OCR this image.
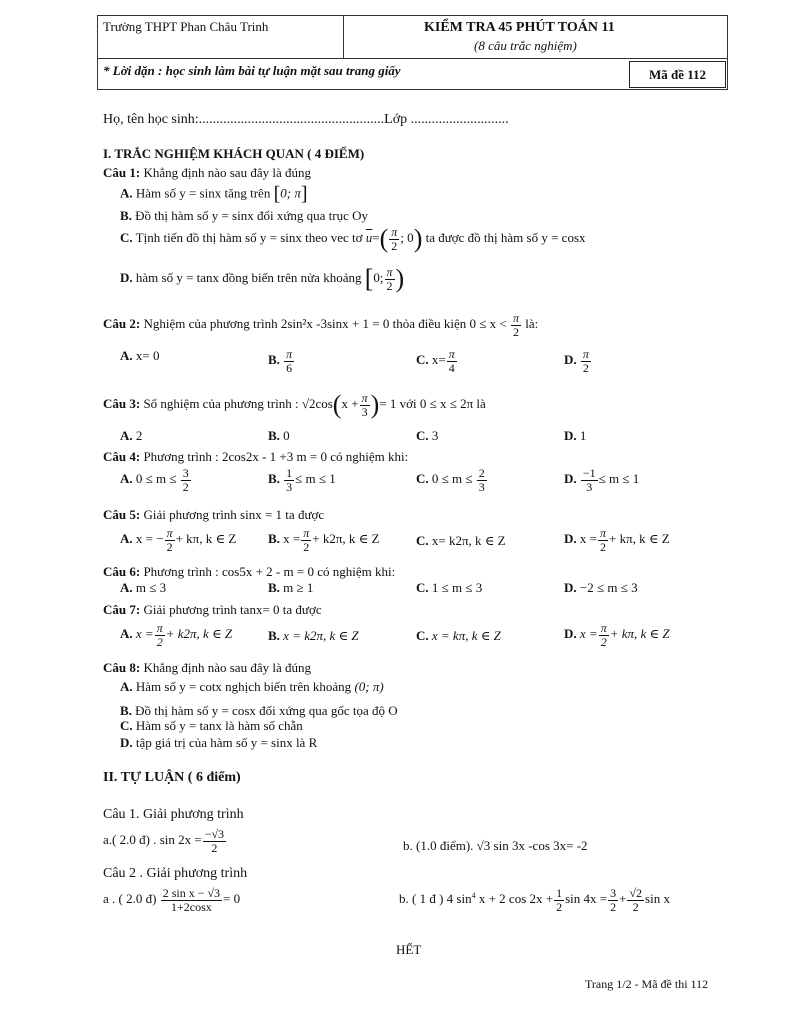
Trường THPT Phan Châu Trinh	KIỂM TRA 45 PHÚT TOÁN 11
(8 câu trắc nghiệm)
* Lời dặn : học sinh làm bài tự luận mặt sau trang giấy	Mã đề 112
Họ, tên học sinh:.....................................................Lớp ............................
I. TRẮC NGHIỆM KHÁCH QUAN ( 4 ĐIỂM)
Câu 1: Khẳng định nào sau đây là đúng
A. Hàm số y = sinx tăng trên [0; π]
B. Đồ thị hàm số y = sinx đối xứng qua trục Oy
C. Tịnh tiến đồ thị hàm số y = sinx theo vec tơ $\overline{u}=( \frac{\pi}{2}$ ; 0) ta được đồ thị hàm số y = cosx
D. hàm số y = tanx đồng biến trên nửa khoảng [0; $\frac{\pi}{2}$ )
Câu 2: Nghiệm của phương trình 2sin²x -3sinx + 1 = 0 thỏa điều kiện $0 \le x < \frac{\pi}{2}$ là:
A. x= 0	B. $\frac{\pi}{6}$	C. $x= \frac{\pi}{4}$	D. $\frac{\pi}{2}$
Câu 3: Số nghiệm của phương trình : $√2\cos(x + \frac{\pi}{3}$ )= 1 với 0 ≤ x ≤ 2π là
A. 2	B. 0	C. 3	D. 1
Câu 4: Phương trình : 2cos2x - 1 +3 m = 0 có nghiệm khi:
A. $0 \le m \le \frac{3}{2}$	B. $\frac{1}{3} \le m \le 1$	C. $0 \le m \le \frac{2}{3}$	D. $\frac{-1}{3} \le m \le 1$
Câu 5: Giải phương trình sinx = 1 ta được
A. x = − $\frac{\pi}{2} + k\pi$, k ∈ Z B. $x = \frac{\pi}{2} + k2\pi$, k ∈ Z	C. x= k2π, k ∈ Z	D. $x = \frac{\pi}{2} + k\pi$, k ∈ Z
Câu 6: Phương trình : cos5x + 2 - m = 0 có nghiệm khi:
A. m ≤ 3	B. m ≥ 1	C. 1 ≤ m ≤ 3	D. −2 ≤ m ≤ 3
Câu 7: Giải phương trình tanx= 0 ta được
A. $x = \frac{\pi}{2} + k2\pi$, k ∈ Z	B. x = k2π, k ∈ Z	C. x = kπ, k ∈ Z	D. $x = \frac{\pi}{2} + k\pi$, k ∈ Z
Câu 8: Khẳng định nào sau đây là đúng
A. Hàm số y = cotx nghịch biến trên khoảng (0; π)
B. Đồ thị hàm số y = cosx đối xứng qua gốc tọa độ O
C. Hàm số y = tanx là hàm số chẵn
D. tập giá trị của hàm số y = sinx là R
II. TỰ LUẬN ( 6 điểm)
Câu 1. Giải phương trình
a.( 2.0 đ) . $\sin 2x = \frac{-√3}{2}$	b. (1.0 điểm). √3 sin 3x -cos 3x= -2
Câu 2 . Giải phương trình
a . ( 2.0 đ) $\frac{\text{2 sin x − √3}}{1+2\cos x} = 0$	b. ( 1 đ ) 4 $\sin^4 x + 2$ $\cos 2x + \frac{1}{2}$ $\sin 4x = \frac{3}{2} + \frac{√2}{2}$ sin x
HẾT
Trang 1/2 - Mã đề thi 112
